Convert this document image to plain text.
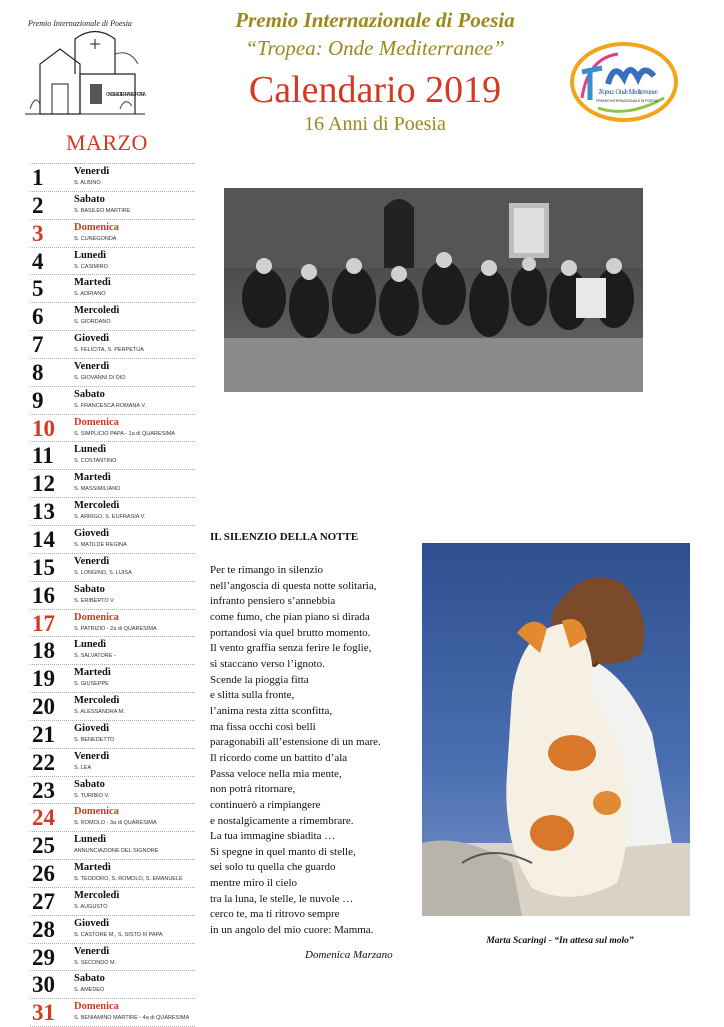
Premio Internazionale di Poesia
ONDE MEDITERRANEE TROPEA
MARZO
Premio Internazionale di Poesia
“Tropea: Onde Mediterranee”
Calendario 2019
16 Anni di Poesia
Tropea: Onde Mediterranee
PREMIO INTERNAZIONALE DI POESIA
1	Venerdì
S. ALBINO
2	Sabato
S. BASILEO MARTIRE
3	Domenica
S. CUNEGONDA
4	Lunedì
S. CASIMIRO
5	Martedì
S. ADRIANO
6	Mercoledì
S. GIORDANO
7	Giovedì
S. FELICITA, S. PERPETUA
8	Venerdì
S. GIOVANNI DI DIO
9	Sabato
S. FRANCESCA ROMANA V.
10	Domenica
S. SIMPLICIO PAPA - 1a di QUARESIMA
11	Lunedì
S. COSTANTINO
12	Martedì
S. MASSIMILIANO
13	Mercoledì
S. ARRIGO, S. EUFRASIA V.
14	Giovedì
S. MATILDE REGINA
15	Venerdì
S. LONGINO, S. LUISA
16	Sabato
S. ERIBERTO V.
17	Domenica
S. PATRIZIO - 2a di QUARESIMA
18	Lunedì
S. SALVATORE -
19	Martedì
S. GIUSEPPE
20	Mercoledì
S. ALESSANDRA M.
21	Giovedì
S. BENEDETTO
22	Venerdì
S. LEA
23	Sabato
S. TURIBIO V.
24	Domenica
S. ROMOLO - 3a di QUARESIMA
25	Lunedì
ANNUNCIAZIONE DEL SIGNORE
26	Martedì
S. TEODORO, S. ROMOLO, S. EMANUELE
27	Mercoledì
S. AUGUSTO
28	Giovedì
S. CASTORE M., S. SISTO III PAPA
29	Venerdì
S. SECONDO M.
30	Sabato
S. AMEDEO
31	Domenica
S. BENIAMINO MARTIRE - 4a di QUARESIMA
IL SILENZIO DELLA NOTTE
Per te rimango in silenzio
nell’angoscia di questa notte solitaria,
infranto pensiero s’annebbia
come fumo, che pian piano si dirada
portandosi via quel brutto momento.
Il vento graffia senza ferire le foglie,
si staccano verso l’ignoto.
Scende la pioggia fitta
e slitta sulla fronte,
l’anima resta zitta sconfitta,
ma fissa occhi così belli
paragonabili all’estensione di un mare.
Il ricordo come un battito d’ala
Passa veloce nella mia mente,
non potrà ritornare,
continuerò a rimpiangere
e nostalgicamente a rimembrare.
La tua immagine sbiadita …
Si spegne in quel manto di stelle,
sei solo tu quella che guardo
mentre miro il cielo
tra la luna, le stelle, le nuvole …
cerco te, ma ti ritrovo sempre
in un angolo del mio cuore: Mamma.
Domenica Marzano
Marta Scaringi - “In attesa sul molo”
